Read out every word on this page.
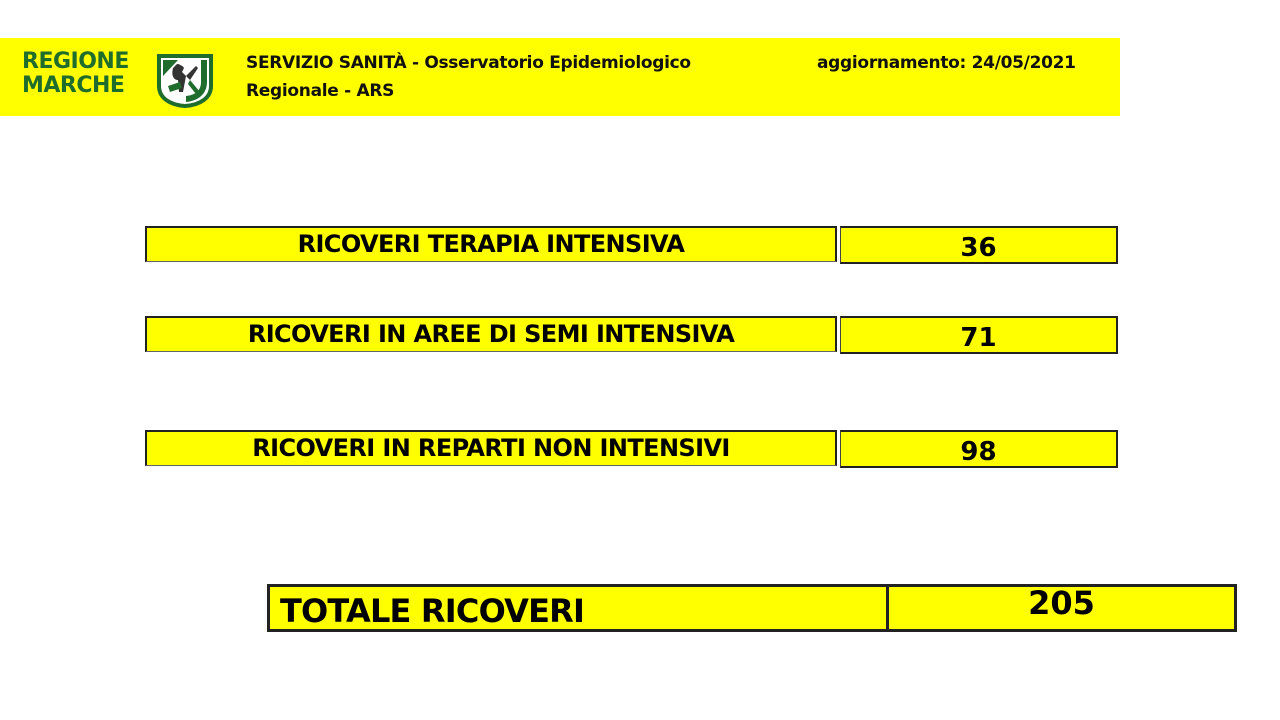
REGIONE
MARCHE
SERVIZIO SANITÀ - Osservatorio Epidemiologico
Regionale - ARS
aggiornamento: 24/05/2021
RICOVERI TERAPIA INTENSIVA	36
RICOVERI IN AREE DI SEMI INTENSIVA	71
RICOVERI IN REPARTI NON INTENSIVI	98
TOTALE RICOVERI	205
